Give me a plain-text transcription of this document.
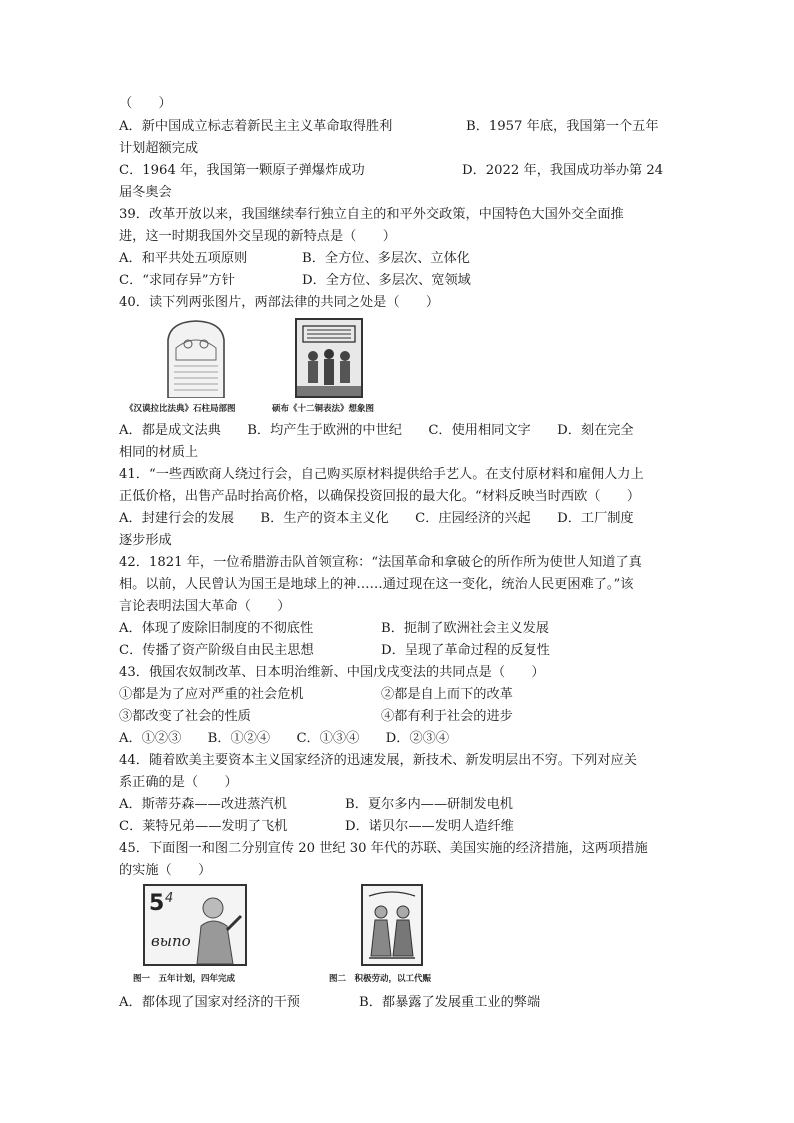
（　　）
A．新中国成立标志着新民主主义革命取得胜利	B．1957 年底，我国第一个五年
计划超额完成
C．1964 年，我国第一颗原子弹爆炸成功	D．2022 年，我国成功举办第 24
届冬奥会
39．改革开放以来，我国继续奉行独立自主的和平外交政策，中国特色大国外交全面推
进，这一时期我国外交呈现的新特点是（　　）
A．和平共处五项原则	B．全方位、多层次、立体化
C．“求同存异”方针	D．全方位、多层次、宽领域
40．读下列两张图片，两部法律的共同之处是（　　）
《汉谟拉比法典》石柱局部图	硕布《十二铜表法》想象图
A．都是成文法典　　B．均产生于欧洲的中世纪　　C．使用相同文字　　D．刻在完全
相同的材质上
41．“一些西欧商人绕过行会，自己购买原材料提供给手艺人。在支付原材料和雇佣人力上
正低价格，出售产品时抬高价格，以确保投资回报的最大化。“材料反映当时西欧（　　）
A．封建行会的发展　　B．生产的资本主义化　　C．庄园经济的兴起　　D．工厂制度
逐步形成
42．1821 年，一位希腊游击队首领宣称：“法国革命和拿破仑的所作所为使世人知道了真
相。以前，人民曾认为国王是地球上的神……通过现在这一变化，统治人民更困难了。”该
言论表明法国大革命（　　）
A．体现了废除旧制度的不彻底性	B．扼制了欧洲社会主义发展
C．传播了资产阶级自由民主思想	D．呈现了革命过程的反复性
43．俄国农奴制改革、日本明治维新、中国戊戌变法的共同点是（　　）
①都是为了应对严重的社会危机	②都是自上而下的改革
③都改变了社会的性质	④都有利于社会的进步
A．①②③　　B．①②④　　C．①③④　　D．②③④
44．随着欧美主要资本主义国家经济的迅速发展，新技术、新发明层出不穷。下列对应关
系正确的是（　　）
A．斯蒂芬森——改进蒸汽机	B．夏尔多内——研制发电机
C．莱特兄弟——发明了飞机	D．诺贝尔——发明人造纤维
45．下面图一和图二分别宣传 20 世纪 30 年代的苏联、美国实施的经济措施，这两项措施
的实施（　　）
5 4
выпо
图一　五年计划，四年完成	图二　积极劳动，以工代赈
A．都体现了国家对经济的干预	B．都暴露了发展重工业的弊端
